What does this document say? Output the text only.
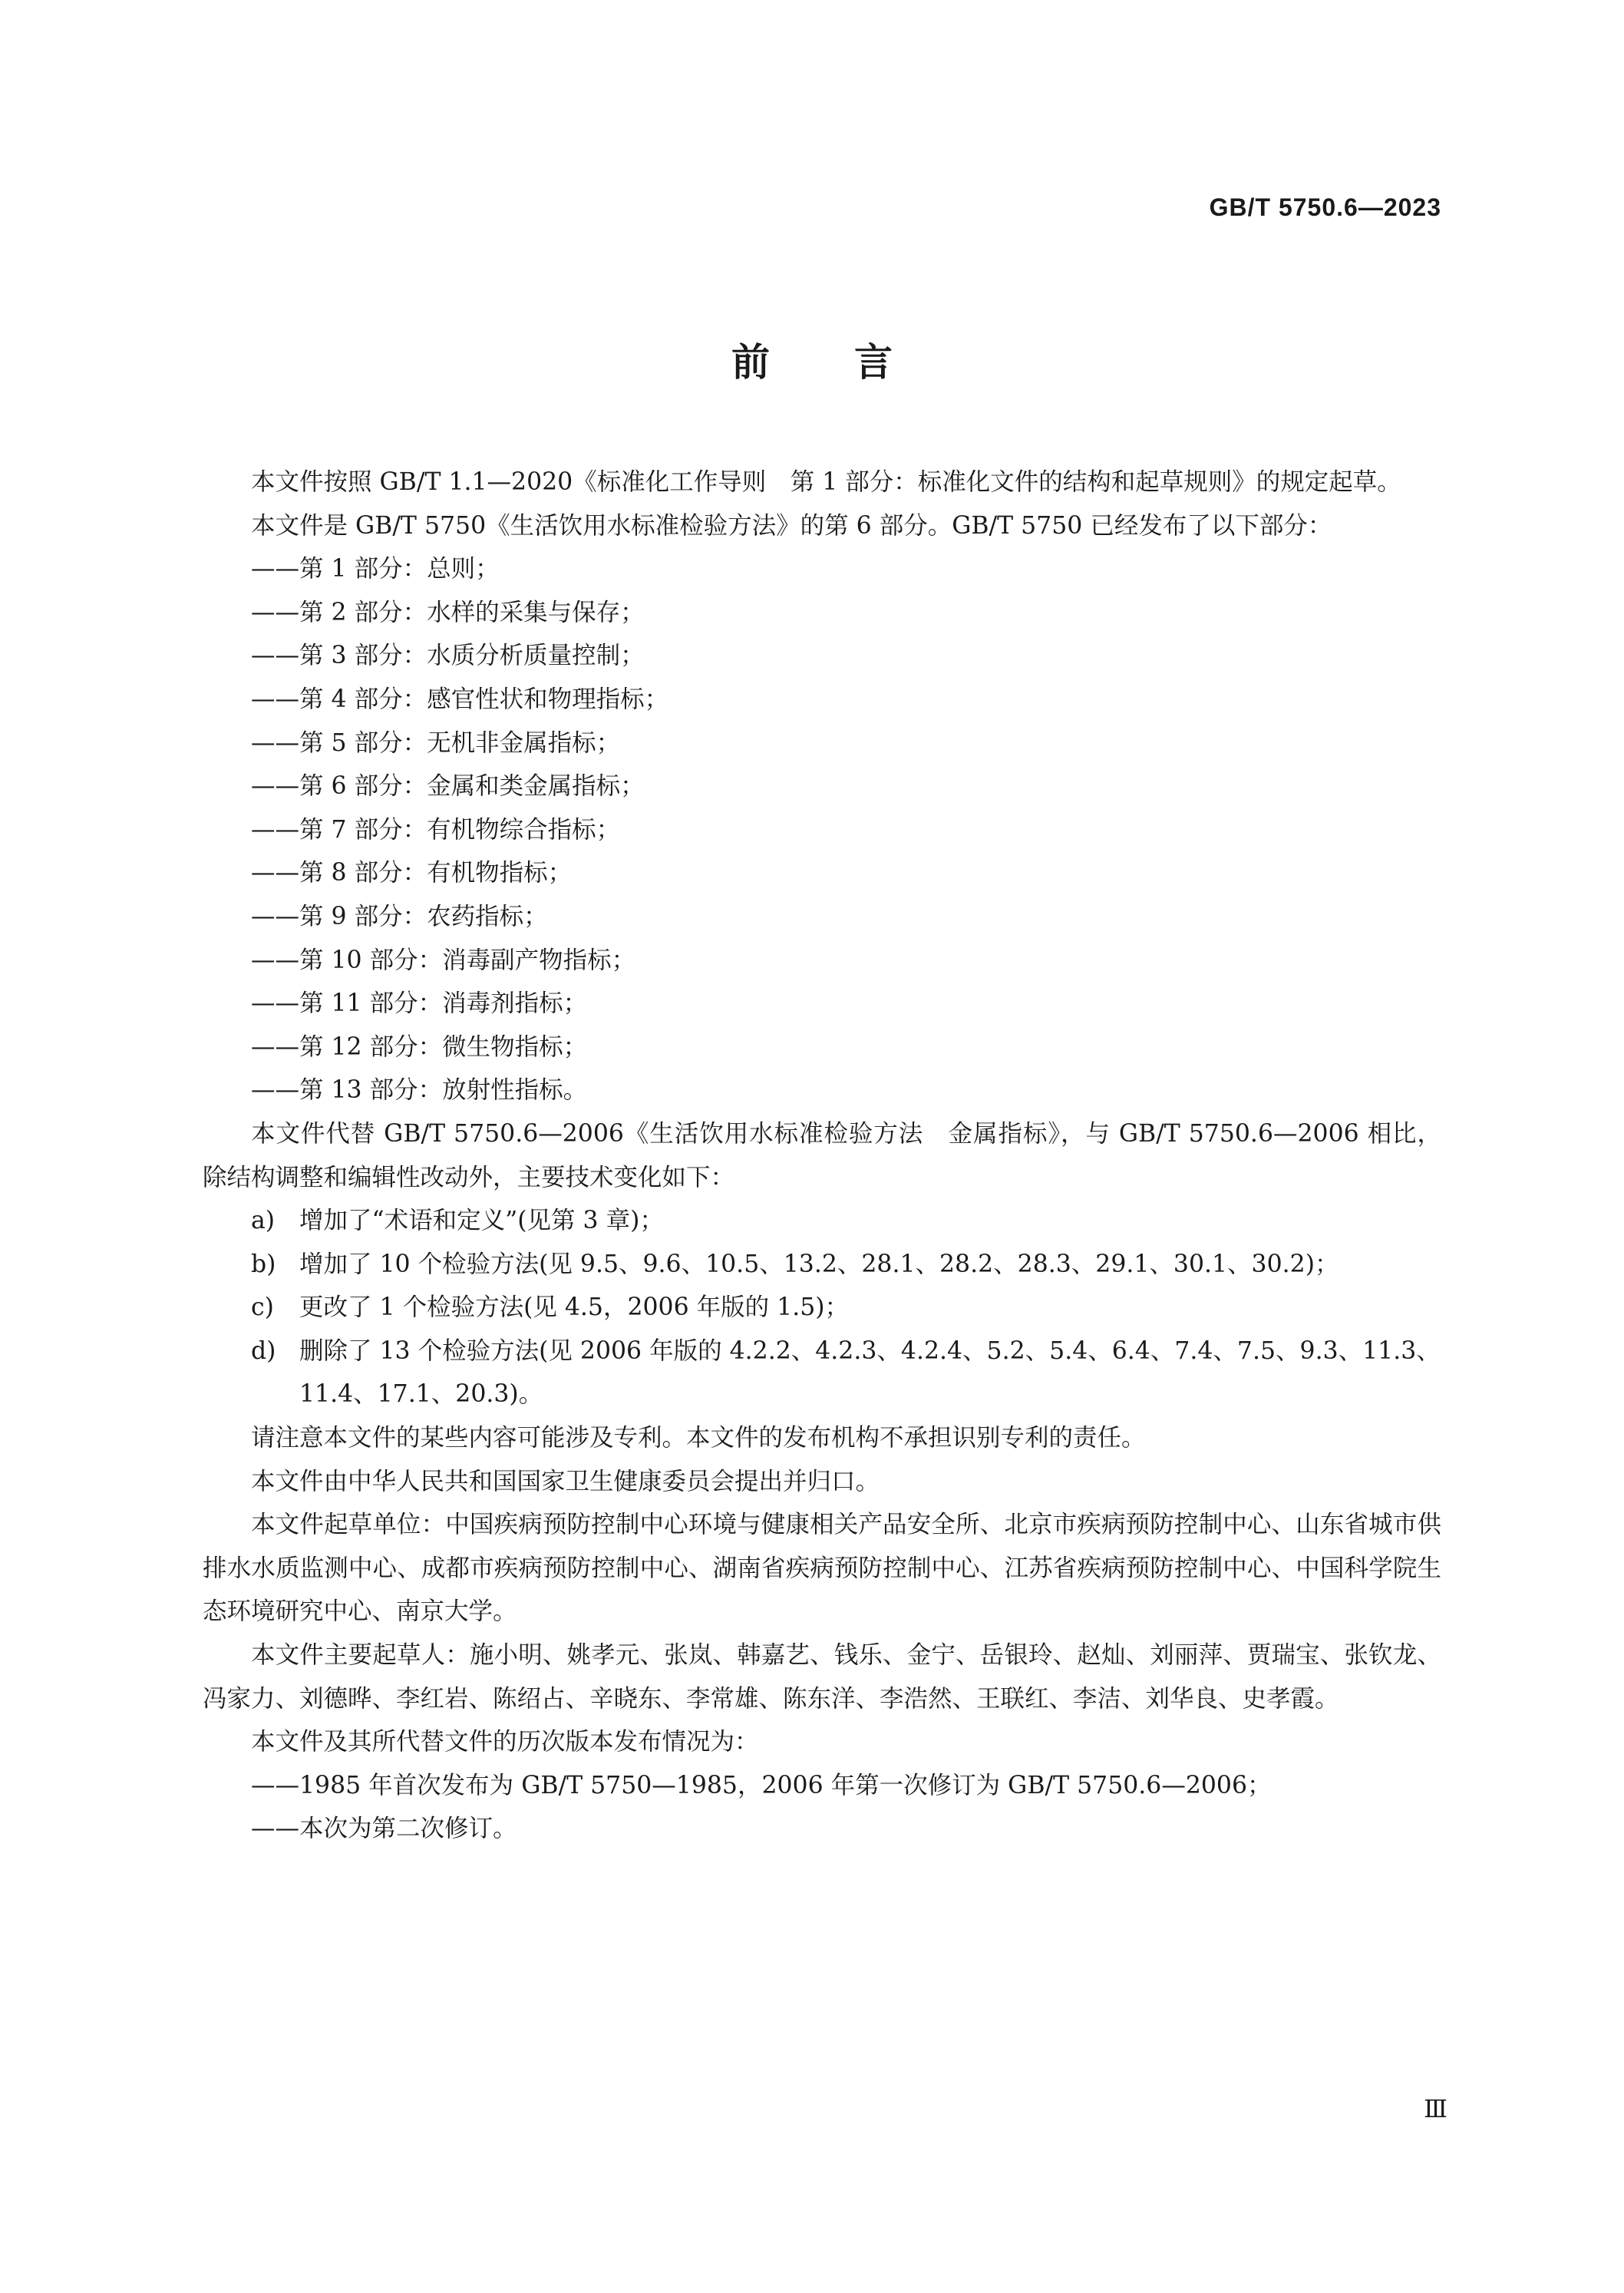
GB/T 5750.6—2023
前言

本文件按照 GB/T 1.1—2020《标准化工作导则　第 1 部分：标准化文件的结构和起草规则》的规定起草。

本文件是 GB/T 5750《生活饮用水标准检验方法》的第 6 部分。GB/T 5750 已经发布了以下部分：

——第 1 部分：总则；

——第 2 部分：水样的采集与保存；

——第 3 部分：水质分析质量控制；

——第 4 部分：感官性状和物理指标；

——第 5 部分：无机非金属指标；

——第 6 部分：金属和类金属指标；

——第 7 部分：有机物综合指标；

——第 8 部分：有机物指标；

——第 9 部分：农药指标；

——第 10 部分：消毒副产物指标；

——第 11 部分：消毒剂指标；

——第 12 部分：微生物指标；

——第 13 部分：放射性指标。

本文件代替 GB/T 5750.6—2006《生活饮用水标准检验方法　金属指标》，与 GB/T 5750.6—2006 相比，除结构调整和编辑性改动外，主要技术变化如下：

a) 增加了“术语和定义”(见第 3 章)；

b) 增加了 10 个检验方法(见 9.5、9.6、10.5、13.2、28.1、28.2、28.3、29.1、30.1、30.2)；

c) 更改了 1 个检验方法(见 4.5，2006 年版的 1.5)；

d) 删除了 13 个检验方法(见 2006 年版的 4.2.2、4.2.3、4.2.4、5.2、5.4、6.4、7.4、7.5、9.3、11.3、11.4、17.1、20.3)。

请注意本文件的某些内容可能涉及专利。本文件的发布机构不承担识别专利的责任。

本文件由中华人民共和国国家卫生健康委员会提出并归口。

本文件起草单位：中国疾病预防控制中心环境与健康相关产品安全所、北京市疾病预防控制中心、山东省城市供排水水质监测中心、成都市疾病预防控制中心、湖南省疾病预防控制中心、江苏省疾病预防控制中心、中国科学院生态环境研究中心、南京大学。

本文件主要起草人：施小明、姚孝元、张岚、韩嘉艺、钱乐、金宁、岳银玲、赵灿、刘丽萍、贾瑞宝、张钦龙、冯家力、刘德晔、李红岩、陈绍占、辛晓东、李常雄、陈东洋、李浩然、王联红、李洁、刘华良、史孝霞。

本文件及其所代替文件的历次版本发布情况为：

——1985 年首次发布为 GB/T 5750—1985，2006 年第一次修订为 GB/T 5750.6—2006；

——本次为第二次修订。

Ⅲ
